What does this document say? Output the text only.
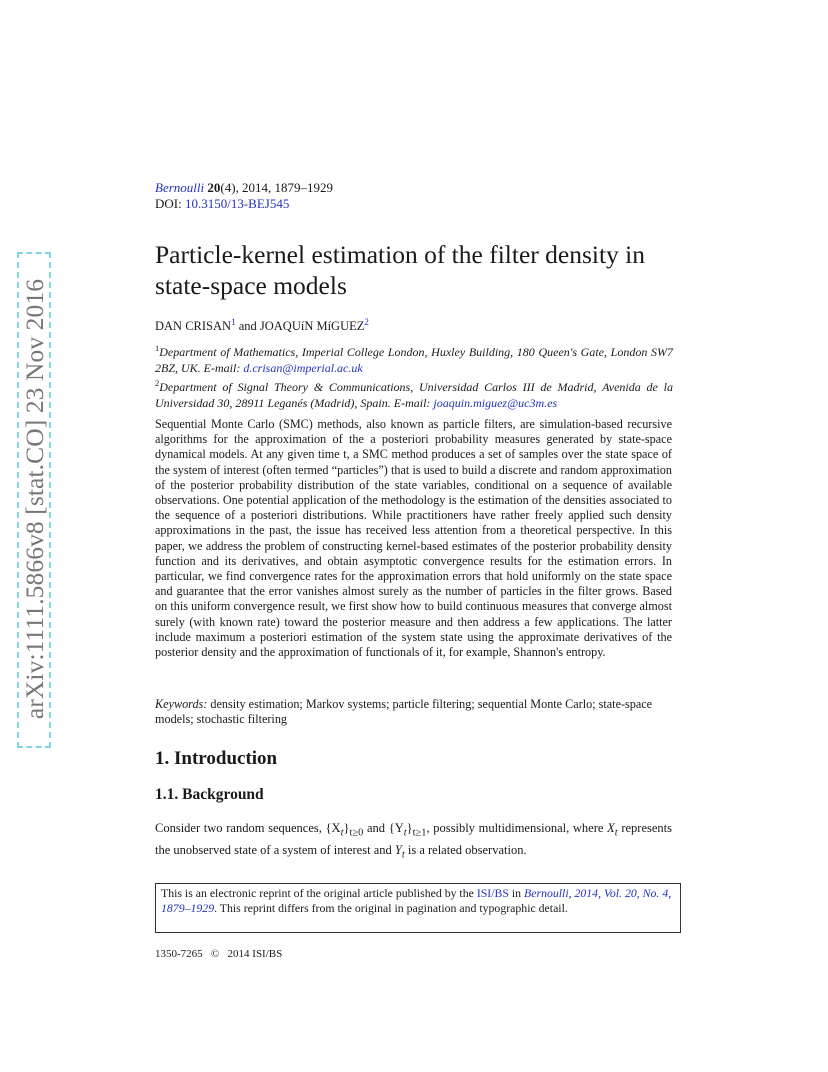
arXiv:1111.5866v8 [stat.CO] 23 Nov 2016
Bernoulli 20(4), 2014, 1879–1929
DOI: 10.3150/13-BEJ545
Particle-kernel estimation of the filter density in state-space models
DAN CRISAN$^1$ and JOAQUíN MíGUEZ$^2$

$^1$Department of Mathematics, Imperial College London, Huxley Building, 180 Queen's Gate, London SW7 2BZ, UK. E-mail: d.crisan@imperial.ac.uk

$^2$Department of Signal Theory & Communications, Universidad Carlos III de Madrid, Avenida de la Universidad 30, 28911 Leganés (Madrid), Spain. E-mail: joaquin.miguez@uc3m.es

Sequential Monte Carlo (SMC) methods, also known as particle filters, are simulation-based recursive algorithms for the approximation of the a posteriori probability measures generated by state-space dynamical models. At any given time t, a SMC method produces a set of samples over the state space of the system of interest (often termed “particles”) that is used to build a discrete and random approximation of the posterior probability distribution of the state variables, conditional on a sequence of available observations. One potential application of the methodology is the estimation of the densities associated to the sequence of a posteriori distributions. While practitioners have rather freely applied such density approximations in the past, the issue has received less attention from a theoretical perspective. In this paper, we address the problem of constructing kernel-based estimates of the posterior probability density function and its derivatives, and obtain asymptotic convergence results for the estimation errors. In particular, we find convergence rates for the approximation errors that hold uniformly on the state space and guarantee that the error vanishes almost surely as the number of particles in the filter grows. Based on this uniform convergence result, we first show how to build continuous measures that converge almost surely (with known rate) toward the posterior measure and then address a few applications. The latter include maximum a posteriori estimation of the system state using the approximate derivatives of the posterior density and the approximation of functionals of it, for example, Shannon's entropy.

Keywords: density estimation; Markov systems; particle filtering; sequential Monte Carlo; state-space models; stochastic filtering

1. Introduction
1.1. Background

Consider two random sequences, $\{X_t\}_{t\ge 0}$ and $\{Y_t\}_{t\ge 1}$, possibly multidimensional, where $X_t$ represents the unobserved state of a system of interest and $Y_t$ is a related observation.

This is an electronic reprint of the original article published by the ISI/BS in Bernoulli, 2014, Vol. 20, No. 4, 1879–1929. This reprint differs from the original in pagination and typographic detail.
1350-7265 © 2014 ISI/BS
